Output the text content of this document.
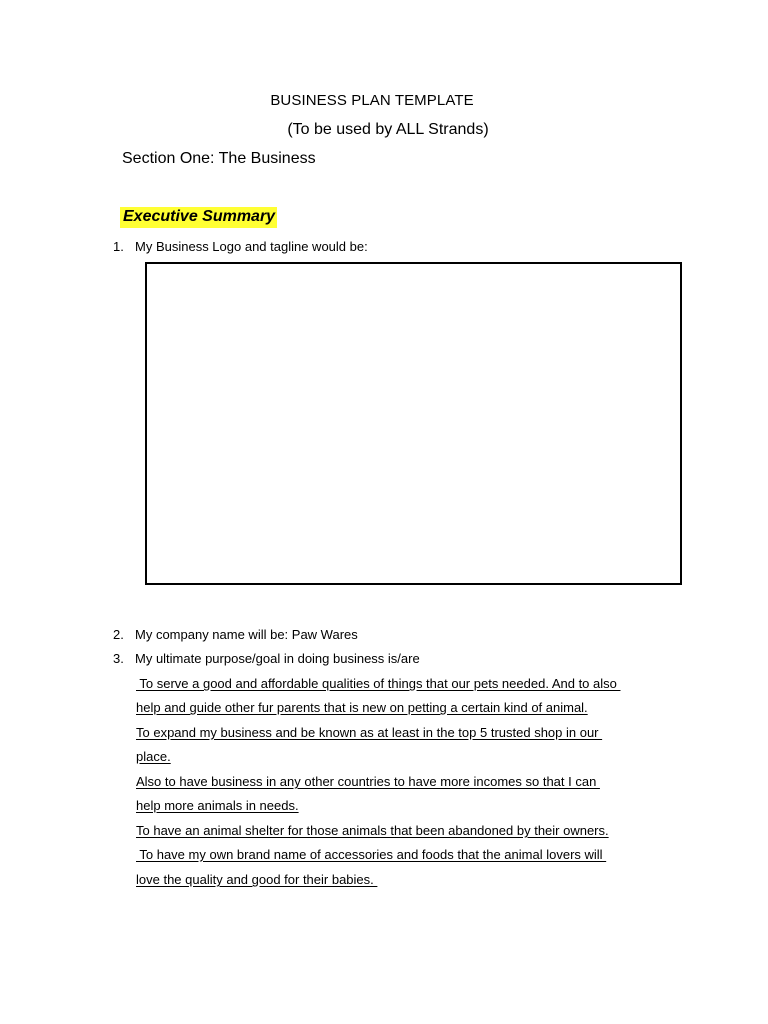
BUSINESS PLAN TEMPLATE
(To be used by ALL Strands)
Section One: The Business
Executive Summary
1. My Business Logo and tagline would be:
2. My company name will be: Paw Wares
3. My ultimate purpose/goal in doing business is/are
To serve a good and affordable qualities of things that our pets needed. And to also
help and guide other fur parents that is new on petting a certain kind of animal.
To expand my business and be known as at least in the top 5 trusted shop in our
place.
Also to have business in any other countries to have more incomes so that I can
help more animals in needs.
To have an animal shelter for those animals that been abandoned by their owners.
To have my own brand name of accessories and foods that the animal lovers will
love the quality and good for their babies.
